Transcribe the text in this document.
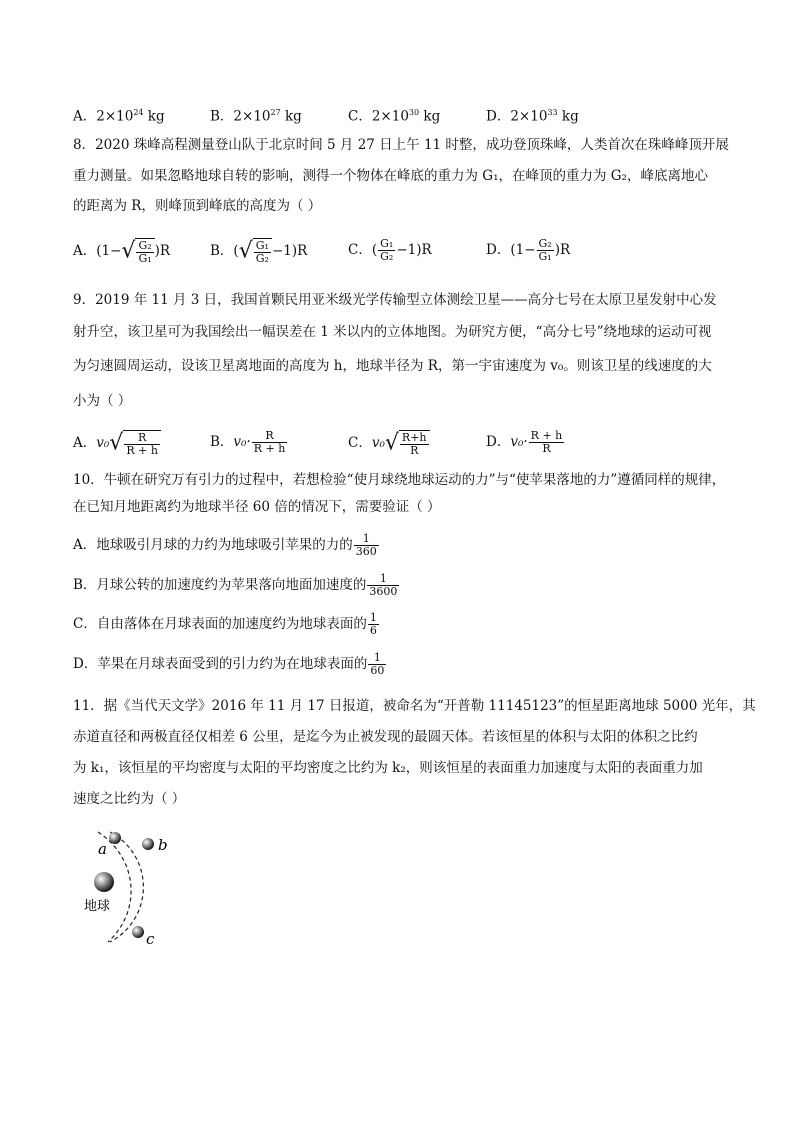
A．$2\times 10^{24}$ kg	B．$2\times 10^{27}$ kg	C．$2\times 10^{30}$ kg	D．$2\times 10^{33}$ kg
8．2020 珠峰高程测量登山队于北京时间 5 月 27 日上午 11 时整，成功登顶珠峰，人类首次在珠峰峰顶开展
重力测量。如果忽略地球自转的影响，测得一个物体在峰底的重力为 G₁，在峰顶的重力为 G₂，峰底离地心
的距离为 R，则峰顶到峰底的高度为（ ）
A．$(1-√ \frac{\text{G₂}}{\text{G₁}} )R$	B．(√ $\frac{\text{G₁}}{\text{G₂}} -1)R$	C．( $\frac{\text{G₁}}{\text{G₂}} -1)R$	D．$(1- \frac{\text{G₂}}{\text{G₁}} )R$
9．2019 年 11 月 3 日，我国首颗民用亚米级光学传输型立体测绘卫星——高分七号在太原卫星发射中心发
射升空，该卫星可为我国绘出一幅误差在 1 米以内的立体地图。为研究方便，“高分七号”绕地球的运动可视
为匀速圆周运动，设该卫星离地面的高度为 h，地球半径为 R，第一宇宙速度为 v₀。则该卫星的线速度的大
小为（ ）
A．$v_0√ \frac{R}{R + h}$	B．$v_0\cdot \frac{R}{R + h}$	C．$v_0√ \frac{R+h}{R}$	D．$v_0\cdot \frac{R + h}{R}$
10．牛顿在研究万有引力的过程中，若想检验“使月球绕地球运动的力”与“使苹果落地的力”遵循同样的规律，
在已知月地距离约为地球半径 60 倍的情况下，需要验证（ ）
A．地球吸引月球的力约为地球吸引苹果的力的 $\frac{1}{360}$
B．月球公转的加速度约为苹果落向地面加速度的 $\frac{1}{3600}$
C．自由落体在月球表面的加速度约为地球表面的 $\frac{1}{6}$
D．苹果在月球表面受到的引力约为在地球表面的 $\frac{1}{60}$
11．据《当代天文学》2016 年 11 月 17 日报道，被命名为“开普勒 11145123”的恒星距离地球 5000 光年，其
赤道直径和两极直径仅相差 6 公里，是迄今为止被发现的最圆天体。若该恒星的体积与太阳的体积之比约
为 k₁，该恒星的平均密度与太阳的平均密度之比约为 k₂，则该恒星的表面重力加速度与太阳的表面重力加
速度之比约为（ ）
a	b
c
地球
